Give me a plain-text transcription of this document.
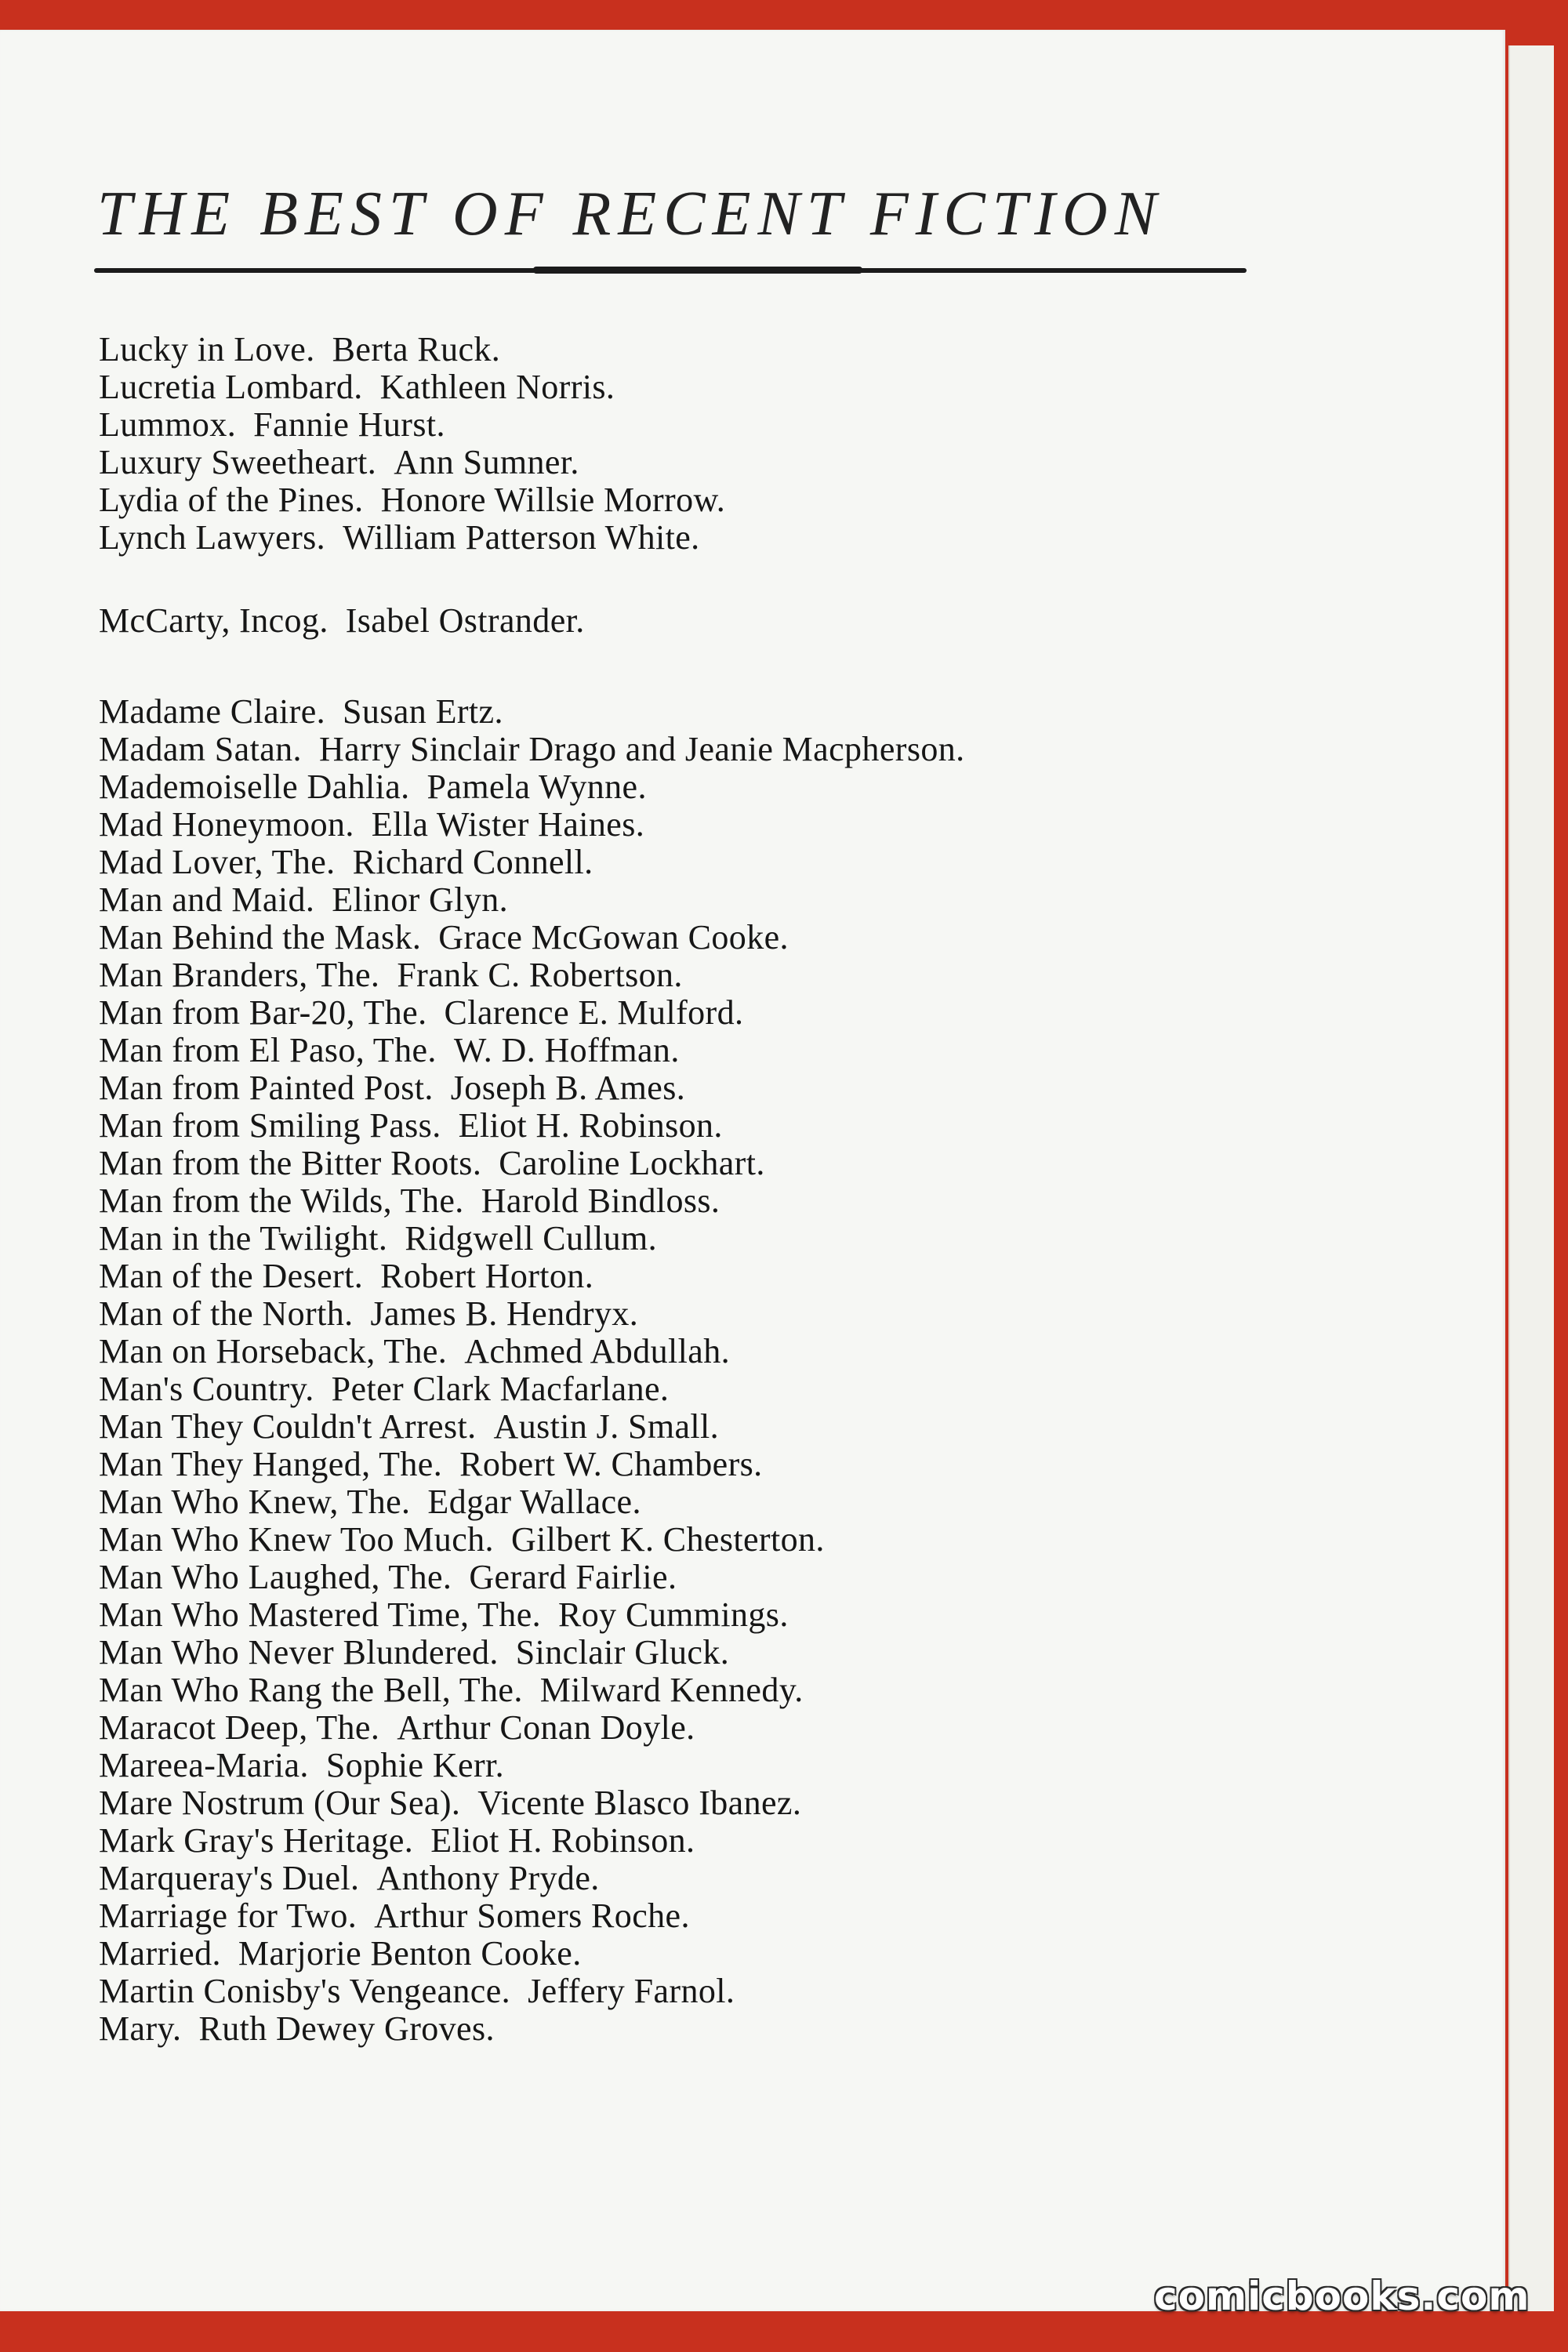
THE BEST OF RECENT FICTION
Lucky in Love. Berta Ruck.
Lucretia Lombard. Kathleen Norris.
Lummox. Fannie Hurst.
Luxury Sweetheart. Ann Sumner.
Lydia of the Pines. Honore Willsie Morrow.
Lynch Lawyers. William Patterson White.
McCarty, Incog. Isabel Ostrander.
Madame Claire. Susan Ertz.
Madam Satan. Harry Sinclair Drago and Jeanie Macpherson.
Mademoiselle Dahlia. Pamela Wynne.
Mad Honeymoon. Ella Wister Haines.
Mad Lover, The. Richard Connell.
Man and Maid. Elinor Glyn.
Man Behind the Mask. Grace McGowan Cooke.
Man Branders, The. Frank C. Robertson.
Man from Bar-20, The. Clarence E. Mulford.
Man from El Paso, The. W. D. Hoffman.
Man from Painted Post. Joseph B. Ames.
Man from Smiling Pass. Eliot H. Robinson.
Man from the Bitter Roots. Caroline Lockhart.
Man from the Wilds, The. Harold Bindloss.
Man in the Twilight. Ridgwell Cullum.
Man of the Desert. Robert Horton.
Man of the North. James B. Hendryx.
Man on Horseback, The. Achmed Abdullah.
Man's Country. Peter Clark Macfarlane.
Man They Couldn't Arrest. Austin J. Small.
Man They Hanged, The. Robert W. Chambers.
Man Who Knew, The. Edgar Wallace.
Man Who Knew Too Much. Gilbert K. Chesterton.
Man Who Laughed, The. Gerard Fairlie.
Man Who Mastered Time, The. Roy Cummings.
Man Who Never Blundered. Sinclair Gluck.
Man Who Rang the Bell, The. Milward Kennedy.
Maracot Deep, The. Arthur Conan Doyle.
Mareea-Maria. Sophie Kerr.
Mare Nostrum (Our Sea). Vicente Blasco Ibanez.
Mark Gray's Heritage. Eliot H. Robinson.
Marqueray's Duel. Anthony Pryde.
Marriage for Two. Arthur Somers Roche.
Married. Marjorie Benton Cooke.
Martin Conisby's Vengeance. Jeffery Farnol.
Mary. Ruth Dewey Groves.
comicbooks.com
